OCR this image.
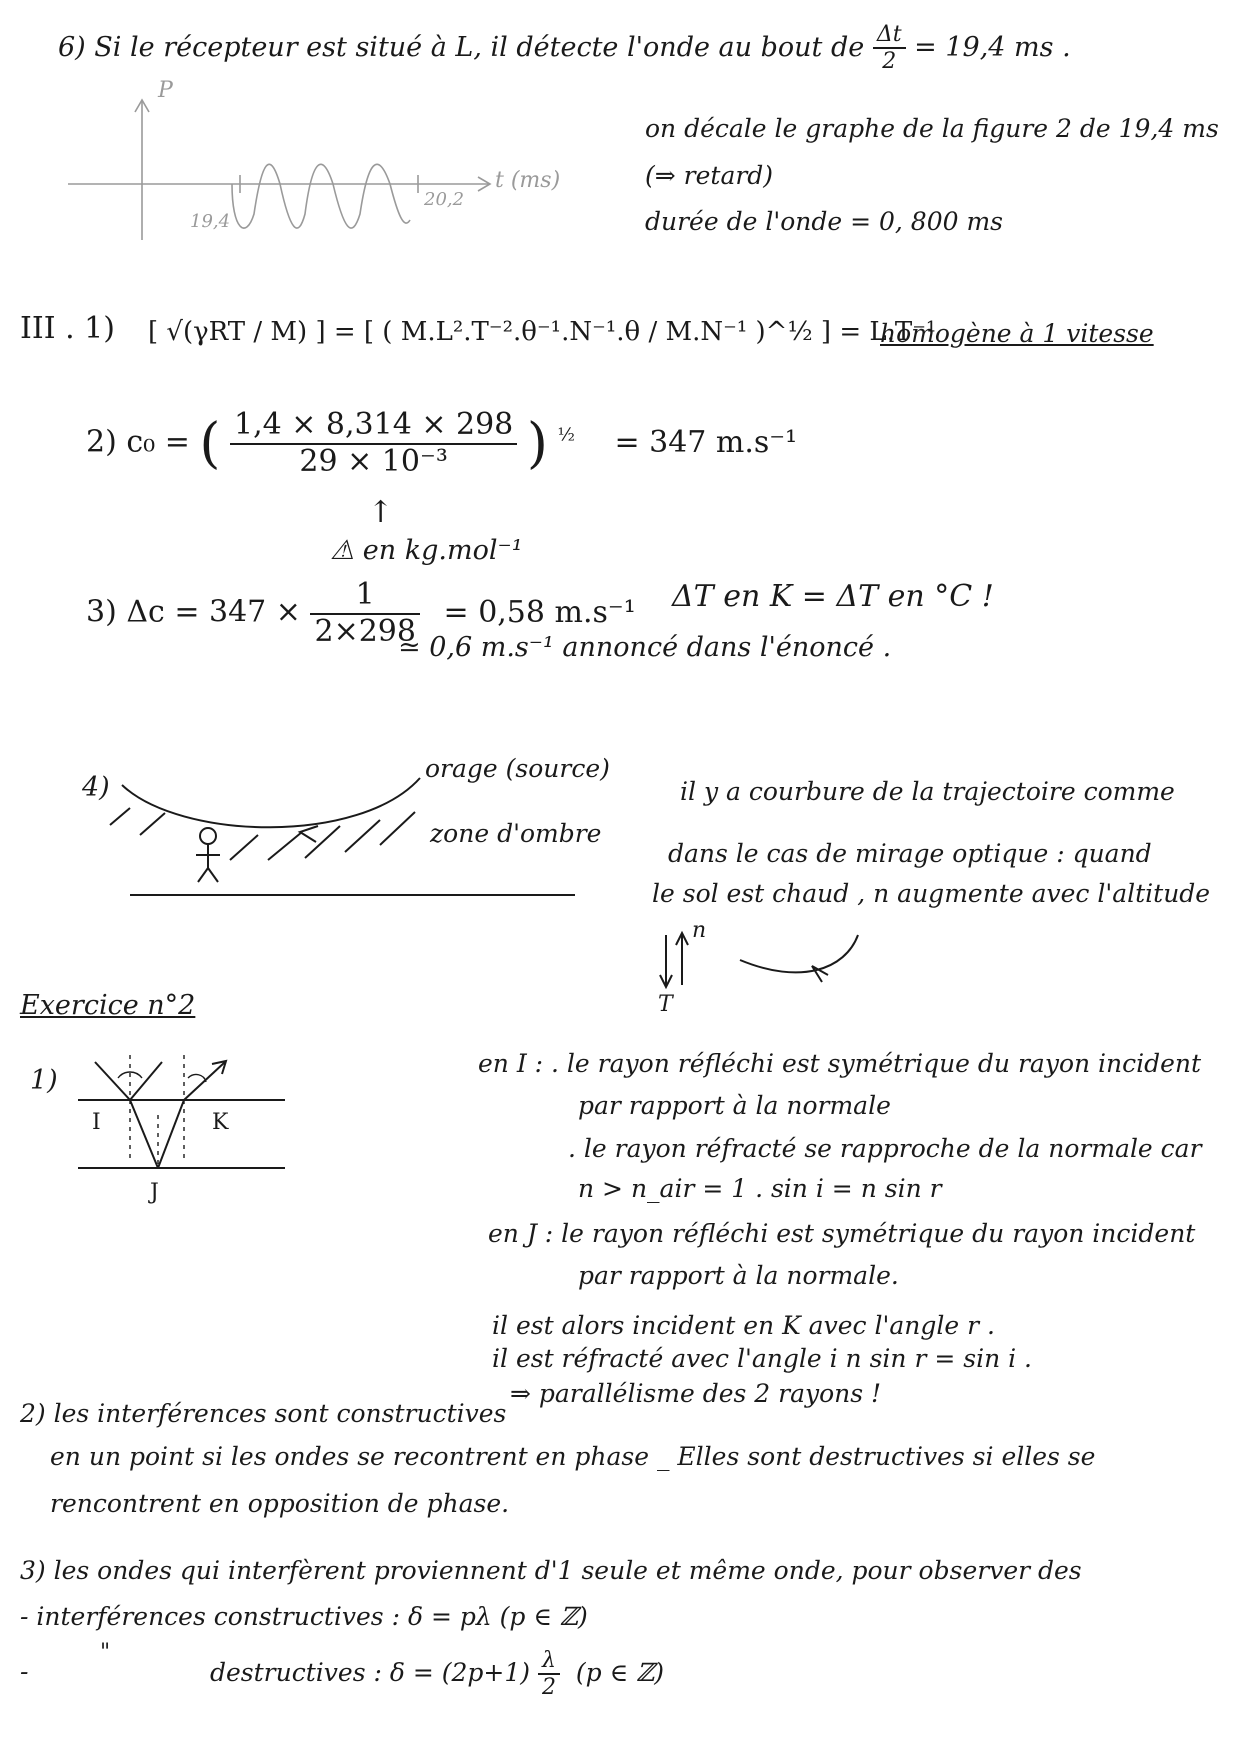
6) Si le récepteur est situé à L, il détecte l'onde au bout de $\frac{\Delta t}{2} = 19,4$ ms .
P
t (ms)
19,4
20,2
on décale le graphe de la figure 2 de 19,4 ms
(⇒ retard)
durée de l'onde = 0, 800 ms
III . 1) [ √(γRT / M) ] = [ ( M.L².T⁻².θ⁻¹.N⁻¹.θ / M.N⁻¹ )^½ ] = L.T⁻¹
homogène à 1 vitesse
2) c₀ = ( $\frac{1,4 \times 8,314 \times 298}{\text{29 × 10⁻³}}$ ) $^{\frac{1}{2}}$ = 347 m.s⁻¹
↑
⚠ en kg.mol⁻¹
3) $\Delta c = 347 \times \frac{1}{2\times 298} = 0,58$ m.s⁻¹ ΔT en K = ΔT en °C !
≃ 0,6 m.s⁻¹ annoncé dans l'énoncé .
4)
orage (source)
zone d'ombre
il y a courbure de la trajectoire comme
dans le cas de mirage optique : quand
le sol est chaud , n augmente avec l'altitude
n
T
Exercice n°2
1)
I	K
J
en I : . le rayon réfléchi est symétrique du rayon incident
par rapport à la normale
. le rayon réfracté se rapproche de la normale car
n > n_air = 1 . sin i = n sin r
en J : le rayon réfléchi est symétrique du rayon incident
par rapport à la normale.
il est alors incident en K avec l'angle r .
il est réfracté avec l'angle i n sin r = sin i .
⇒ parallélisme des 2 rayons !
2) les interférences sont constructives
en un point si les ondes se recontrent en phase _ Elles sont destructives si elles se
rencontrent en opposition de phase.
3) les ondes qui interfèrent proviennent d'1 seule et même onde, pour observer des
- interférences constructives : δ = pλ (p ∈ ℤ)
-
"
destructives : $\delta = (2p+1) \frac{\lambda}{2} (p$ ∈ ℤ)
